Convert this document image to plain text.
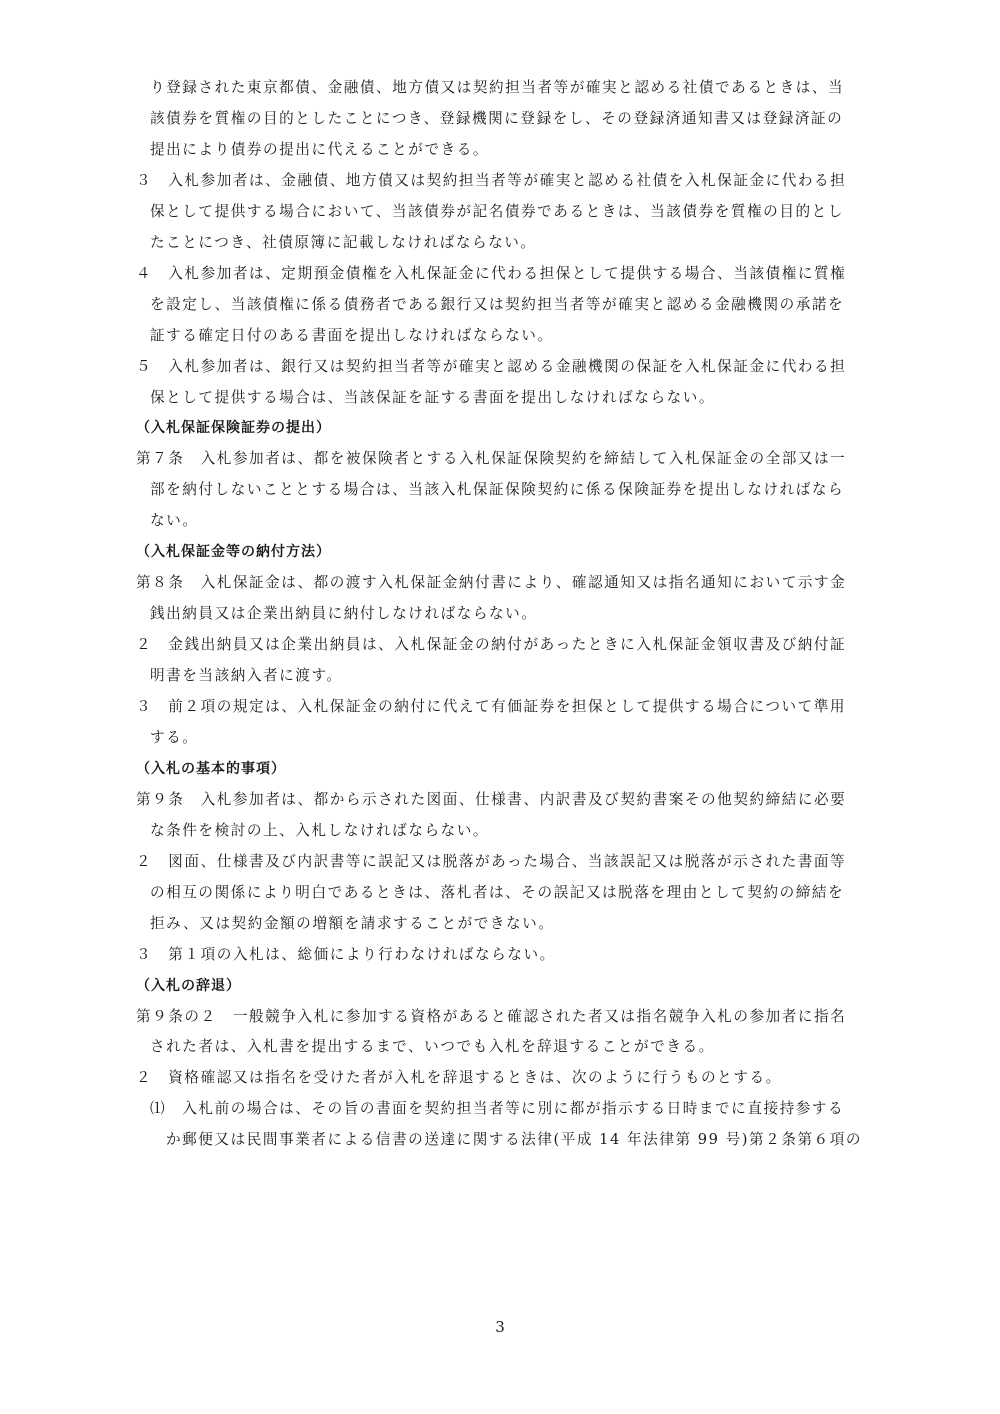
り登録された東京都債、金融債、地方債又は契約担当者等が確実と認める社債であるときは、当
該債券を質権の目的としたことにつき、登録機関に登録をし、その登録済通知書又は登録済証の
提出により債券の提出に代えることができる。
３　入札参加者は、金融債、地方債又は契約担当者等が確実と認める社債を入札保証金に代わる担
保として提供する場合において、当該債券が記名債券であるときは、当該債券を質権の目的とし
たことにつき、社債原簿に記載しなければならない。
４　入札参加者は、定期預金債権を入札保証金に代わる担保として提供する場合、当該債権に質権
を設定し、当該債権に係る債務者である銀行又は契約担当者等が確実と認める金融機関の承諾を
証する確定日付のある書面を提出しなければならない。
５　入札参加者は、銀行又は契約担当者等が確実と認める金融機関の保証を入札保証金に代わる担
保として提供する場合は、当該保証を証する書面を提出しなければならない。
（入札保証保険証券の提出）
第７条　入札参加者は、都を被保険者とする入札保証保険契約を締結して入札保証金の全部又は一
部を納付しないこととする場合は、当該入札保証保険契約に係る保険証券を提出しなければなら
ない。
（入札保証金等の納付方法）
第８条　入札保証金は、都の渡す入札保証金納付書により、確認通知又は指名通知において示す金
銭出納員又は企業出納員に納付しなければならない。
２　金銭出納員又は企業出納員は、入札保証金の納付があったときに入札保証金領収書及び納付証
明書を当該納入者に渡す。
３　前２項の規定は、入札保証金の納付に代えて有価証券を担保として提供する場合について準用
する。
（入札の基本的事項）
第９条　入札参加者は、都から示された図面、仕様書、内訳書及び契約書案その他契約締結に必要
な条件を検討の上、入札しなければならない。
２　図面、仕様書及び内訳書等に誤記又は脱落があった場合、当該誤記又は脱落が示された書面等
の相互の関係により明白であるときは、落札者は、その誤記又は脱落を理由として契約の締結を
拒み、又は契約金額の増額を請求することができない。
３　第１項の入札は、総価により行わなければならない。
（入札の辞退）
第９条の２　一般競争入札に参加する資格があると確認された者又は指名競争入札の参加者に指名
された者は、入札書を提出するまで、いつでも入札を辞退することができる。
２　資格確認又は指名を受けた者が入札を辞退するときは、次のように行うものとする。
⑴　入札前の場合は、その旨の書面を契約担当者等に別に都が指示する日時までに直接持参する
か郵便又は民間事業者による信書の送達に関する法律(平成 14 年法律第 99 号)第２条第６項の
3
